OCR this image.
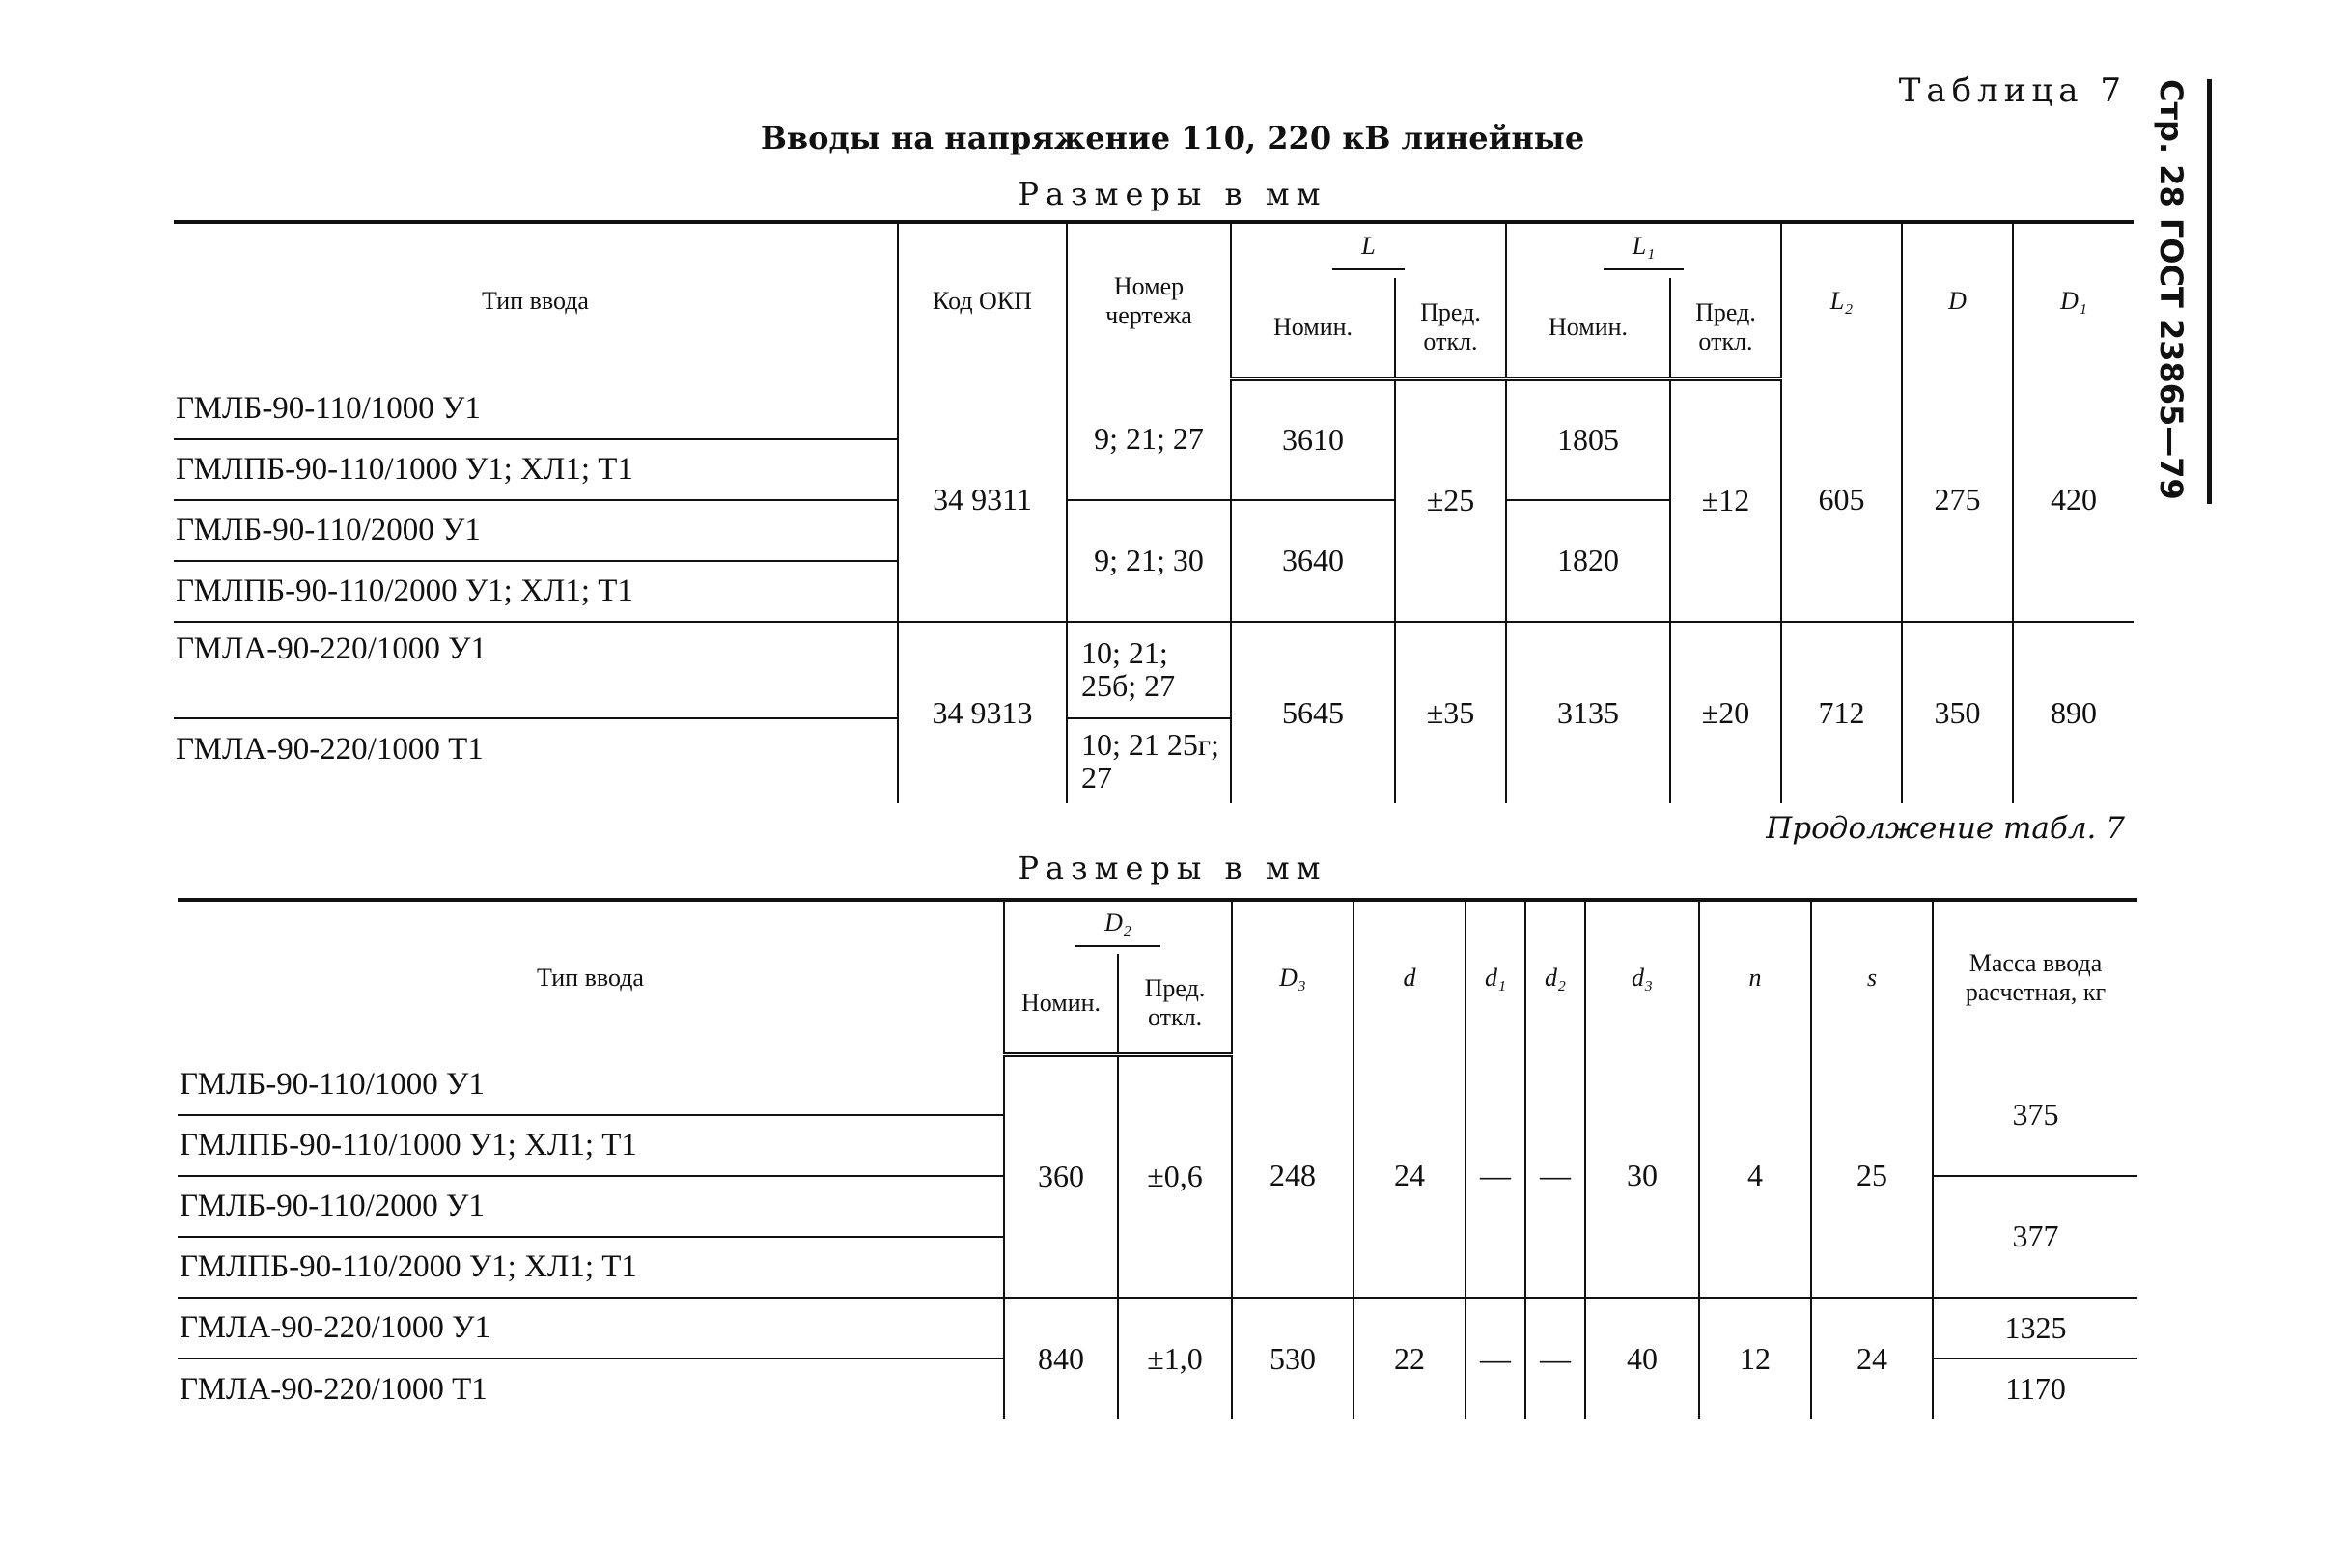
Стр. 28 ГОСТ 23865—79
Таблица 7
Вводы на напряжение 110, 220 кВ линейные
Размеры в мм
Тип ввода	Код ОКП	Номер чертежа	L		L₁		L₂	D	D₁
			Номин.	Пред. откл.	Номин.	Пред. откл.			
ГМЛБ-90-110/1000 У1	34 9311	9; 21; 27	3610	±25	1805	±12	605	275	420
ГМЛПБ-90-110/1000 У1; ХЛ1; Т1									
ГМЛБ-90-110/2000 У1		9; 21; 30	3640		1820				
ГМЛПБ-90-110/2000 У1; ХЛ1; Т1									
ГМЛА-90-220/1000 У1	34 9313	10; 21; 25б; 27	5645	±35	3135	±20	712	350	890
ГМЛА-90-220/1000 Т1		10; 21 25г; 27							
Продолжение табл. 7
Размеры в мм
Тип ввода	D₂		D₃	d	d₁	d₂	d₃	n	s	Масса ввода расчетная, кг
	Номин.	Пред. откл.								
ГМЛБ-90-110/1000 У1	360	±0,6	248	24	—	—	30	4	25	375
ГМЛПБ-90-110/1000 У1; ХЛ1; Т1										
ГМЛБ-90-110/2000 У1										377
ГМЛПБ-90-110/2000 У1; ХЛ1; Т1										
ГМЛА-90-220/1000 У1	840	±1,0	530	22	—	—	40	12	24	1325
ГМЛА-90-220/1000 Т1										1170
